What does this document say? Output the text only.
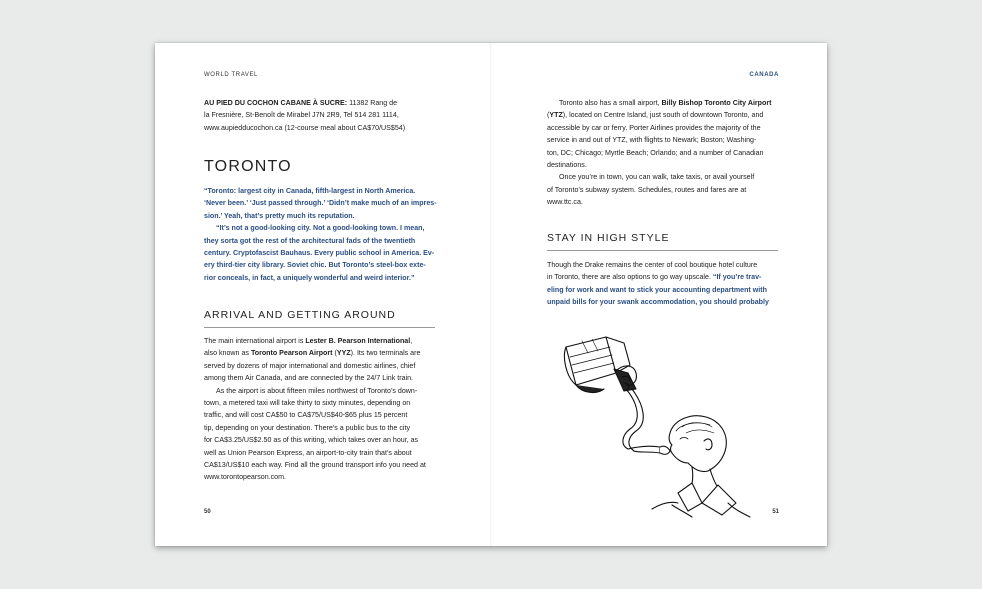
WORLD TRAVEL

AU PIED DU COCHON CABANE À SUCRE: 11382 Rang de

la Fresnière, St-Benoît de Mirabel J7N 2R9, Tel 514 281 1114,

www.aupiedducochon.ca (12-course meal about CA$70/US$54)

TORONTO

“Toronto: largest city in Canada, fifth-largest in North America.

‘Never been.’ ‘Just passed through.’ ‘Didn’t make much of an impres-

sion.’ Yeah, that’s pretty much its reputation.

“It’s not a good-looking city. Not a good-looking town. I mean,

they sorta got the rest of the architectural fads of the twentieth

century. Cryptofascist Bauhaus. Every public school in America. Ev-

ery third-tier city library. Soviet chic. But Toronto’s steel-box exte-

rior conceals, in fact, a uniquely wonderful and weird interior.”

ARRIVAL AND GETTING AROUND

The main international airport is Lester B. Pearson International,

also known as Toronto Pearson Airport (YYZ). Its two terminals are

served by dozens of major international and domestic airlines, chief

among them Air Canada, and are connected by the 24/7 Link train.

As the airport is about fifteen miles northwest of Toronto’s down-

town, a metered taxi will take thirty to sixty minutes, depending on

traffic, and will cost CA$50 to CA$75/US$40-$65 plus 15 percent

tip, depending on your destination. There’s a public bus to the city

for CA$3.25/US$2.50 as of this writing, which takes over an hour, as

well as Union Pearson Express, an airport-to-city train that’s about

CA$13/US$10 each way. Find all the ground transport info you need at

www.torontopearson.com.

50
CANADA

Toronto also has a small airport, Billy Bishop Toronto City Airport

(YTZ), located on Centre Island, just south of downtown Toronto, and

accessible by car or ferry. Porter Airlines provides the majority of the

service in and out of YTZ, with flights to Newark; Boston; Washing-

ton, DC; Chicago; Myrtle Beach; Orlando; and a number of Canadian

destinations.

Once you’re in town, you can walk, take taxis, or avail yourself

of Toronto’s subway system. Schedules, routes and fares are at

www.ttc.ca.

STAY IN HIGH STYLE

Though the Drake remains the center of cool boutique hotel culture

in Toronto, there are also options to go way upscale. “If you’re trav-

eling for work and want to stick your accounting department with

unpaid bills for your swank accommodation, you should probably

51
